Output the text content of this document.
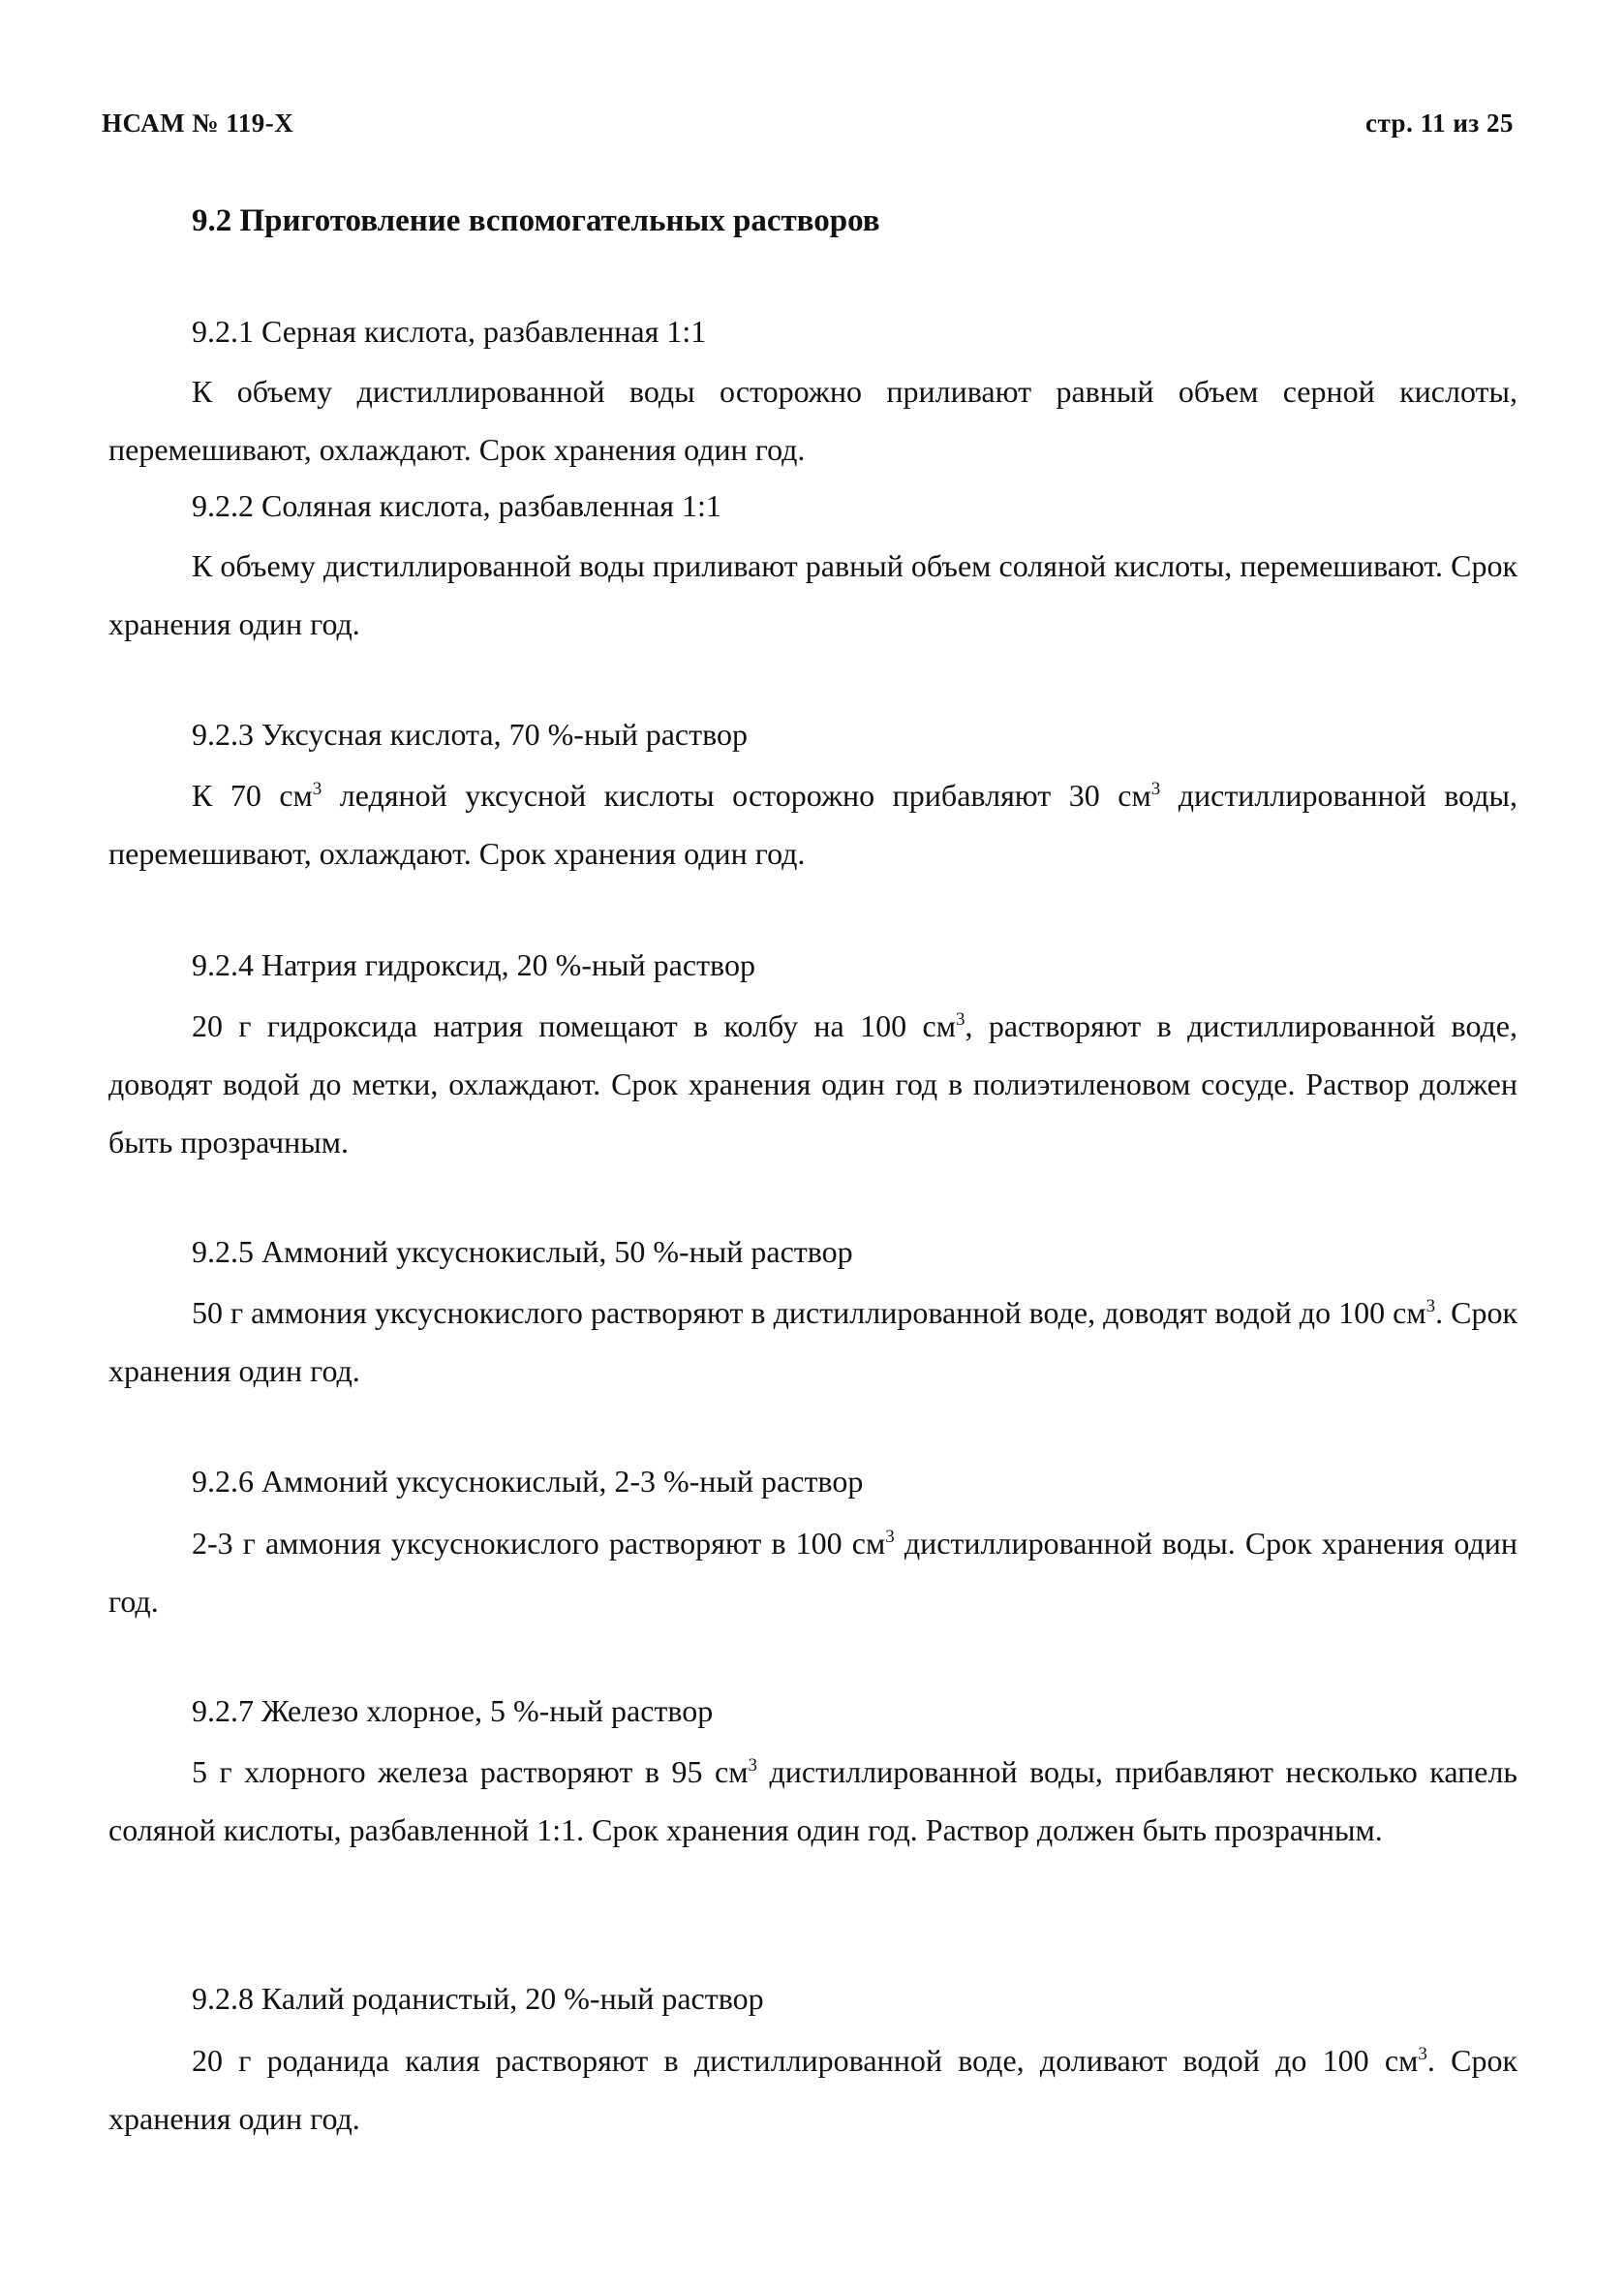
НСАМ № 119-Х	стр. 11 из 25
9.2 Приготовление вспомогательных растворов
9.2.1 Серная кислота, разбавленная 1:1
К объему дистиллированной воды осторожно приливают равный объем серной кислоты, перемешивают, охлаждают. Срок хранения один год.
9.2.2 Соляная кислота, разбавленная 1:1
К объему дистиллированной воды приливают равный объем соляной кислоты, перемешивают. Срок хранения один год.
9.2.3 Уксусная кислота, 70 %-ный раствор
К 70 $см^3$ ледяной уксусной кислоты осторожно прибавляют 30 $см^3$ дистиллированной воды, перемешивают, охлаждают. Срок хранения один год.
9.2.4 Натрия гидроксид, 20 %-ный раствор
20 г гидроксида натрия помещают в колбу на 100 $см^3$, растворяют в дистиллированной воде, доводят водой до метки, охлаждают. Срок хранения один год в полиэтиленовом сосуде. Раствор должен быть прозрачным.
9.2.5 Аммоний уксуснокислый, 50 %-ный раствор
50 г аммония уксуснокислого растворяют в дистиллированной воде, доводят водой до 100 $см^3$. Срок хранения один год.
9.2.6 Аммоний уксуснокислый, 2-3 %-ный раствор
2-3 г аммония уксуснокислого растворяют в 100 $см^3$ дистиллированной воды. Срок хранения один год.
9.2.7 Железо хлорное, 5 %-ный раствор
5 г хлорного железа растворяют в 95 $см^3$ дистиллированной воды, прибавляют несколько капель соляной кислоты, разбавленной 1:1. Срок хранения один год. Раствор должен быть прозрачным.
9.2.8 Калий роданистый, 20 %-ный раствор
20 г роданида калия растворяют в дистиллированной воде, доливают водой до 100 $см^3$. Срок хранения один год.
